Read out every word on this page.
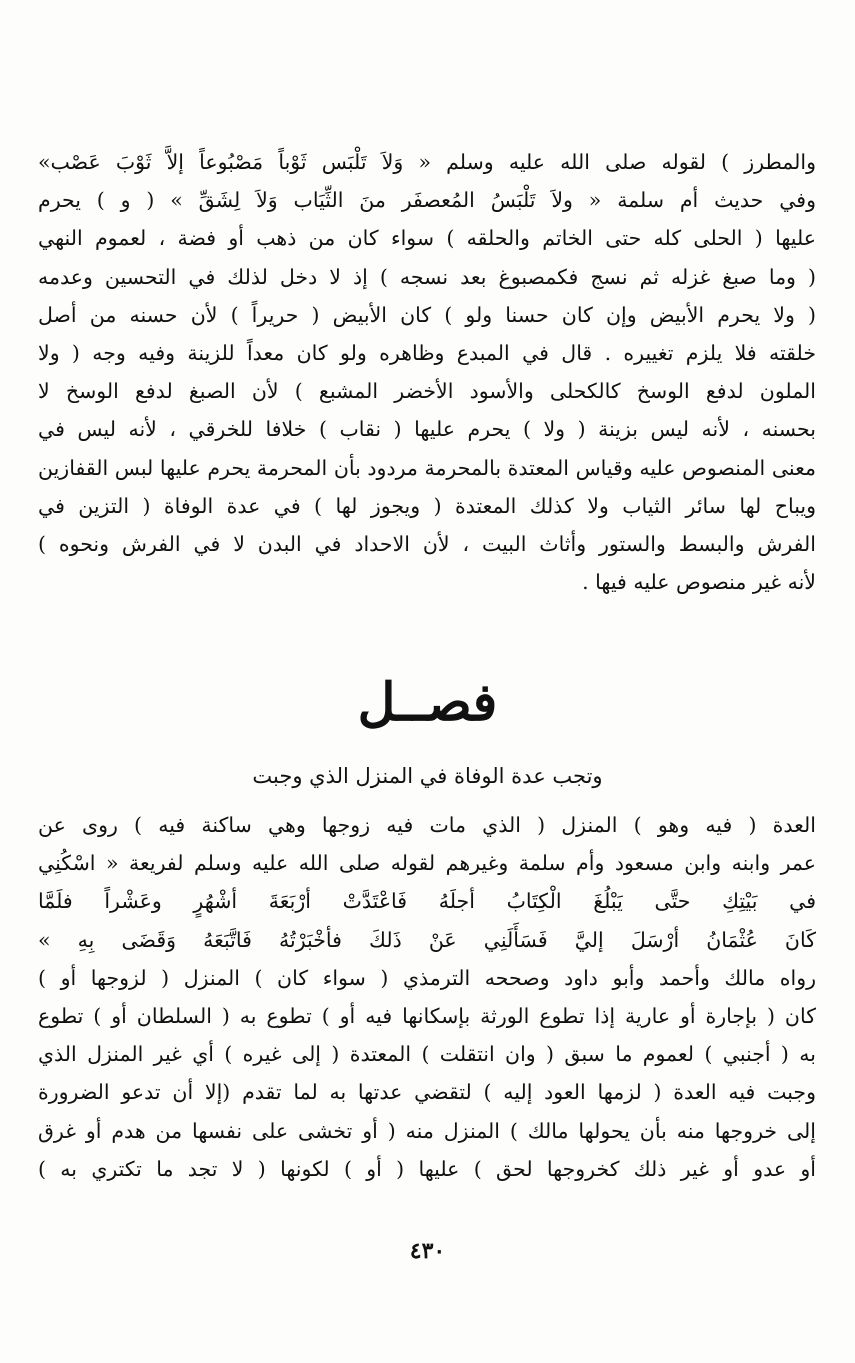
والمطرز ) لقوله صلى الله عليه وسلم « وَلاَ تَلْبَس ثَوْباً مَصْبُوعاً إلاَّ ثَوْبَ عَصْب»
وفي حديث أم سلمة « ولاَ تَلْبَسُ المُعصفَر منَ الثِّيَاب وَلاَ لِشَقِّ » ( و ) يحرم
عليها ( الحلى كله حتى الخاتم والحلقه ) سواء كان من ذهب أو فضة ، لعموم النهي
( وما صبغ غزله ثم نسج فكمصبوغ بعد نسجه ) إذ لا دخل لذلك في التحسين وعدمه
( ولا يحرم الأبيض وإن كان حسنا ولو ) كان الأبيض ( حريراً ) لأن حسنه من أصل
خلقته فلا يلزم تغييره . قال في المبدع وظاهره ولو كان معداً للزينة وفيه وجه ( ولا
الملون لدفع الوسخ كالكحلى والأسود الأخضر المشبع ) لأن الصبغ لدفع الوسخ لا
بحسنه ، لأنه ليس بزينة ( ولا ) يحرم عليها ( نقاب ) خلافا للخرقي ، لأنه ليس في
معنى المنصوص عليه وقياس المعتدة بالمحرمة مردود بأن المحرمة يحرم عليها لبس القفازين
ويباح لها سائر الثياب ولا كذلك المعتدة ( ويجوز لها ) في عدة الوفاة ( التزين في
الفرش والبسط والستور وأثاث البيت ، لأن الاحداد في البدن لا في الفرش ونحوه )
لأنه غير منصوص عليه فيها .
فصــل
وتجب عدة الوفاة في المنزل الذي وجبت
العدة ( فيه وهو ) المنزل ( الذي مات فيه زوجها وهي ساكنة فيه ) روى عن
عمر وابنه وابن مسعود وأم سلمة وغيرهم لقوله صلى الله عليه وسلم لفريعة « اسْكُنِي
في بَيْتِكِ حتَّى يَبْلُغَ الْكِتَابُ أجلَهُ فَاعْتَدَّتْ أرْبَعَةَ أشْهُرٍ وعَشْراً فلَمَّا
كَانَ عُثْمَانُ أرْسَلَ إليَّ فَسَأَلَنِي عَنْ ذَلكَ فأخْبَرْتُهُ فَاتَّبَعَهُ وَقَضَى بِهِ »
رواه مالك وأحمد وأبو داود وصححه الترمذي ( سواء كان ) المنزل ( لزوجها أو )
كان ( بإجارة أو عارية إذا تطوع الورثة بإسكانها فيه أو ) تطوع به ( السلطان أو ) تطوع
به ( أجنبي ) لعموم ما سبق ( وان انتقلت ) المعتدة ( إلى غيره ) أي غير المنزل الذي
وجبت فيه العدة ( لزمها العود إليه ) لتقضي عدتها به لما تقدم (إلا أن تدعو الضرورة
إلى خروجها منه بأن يحولها مالك ) المنزل منه ( أو تخشى على نفسها من هدم أو غرق
أو عدو أو غير ذلك كخروجها لحق ) عليها ( أو ) لكونها ( لا تجد ما تكتري به )
٤٣٠
